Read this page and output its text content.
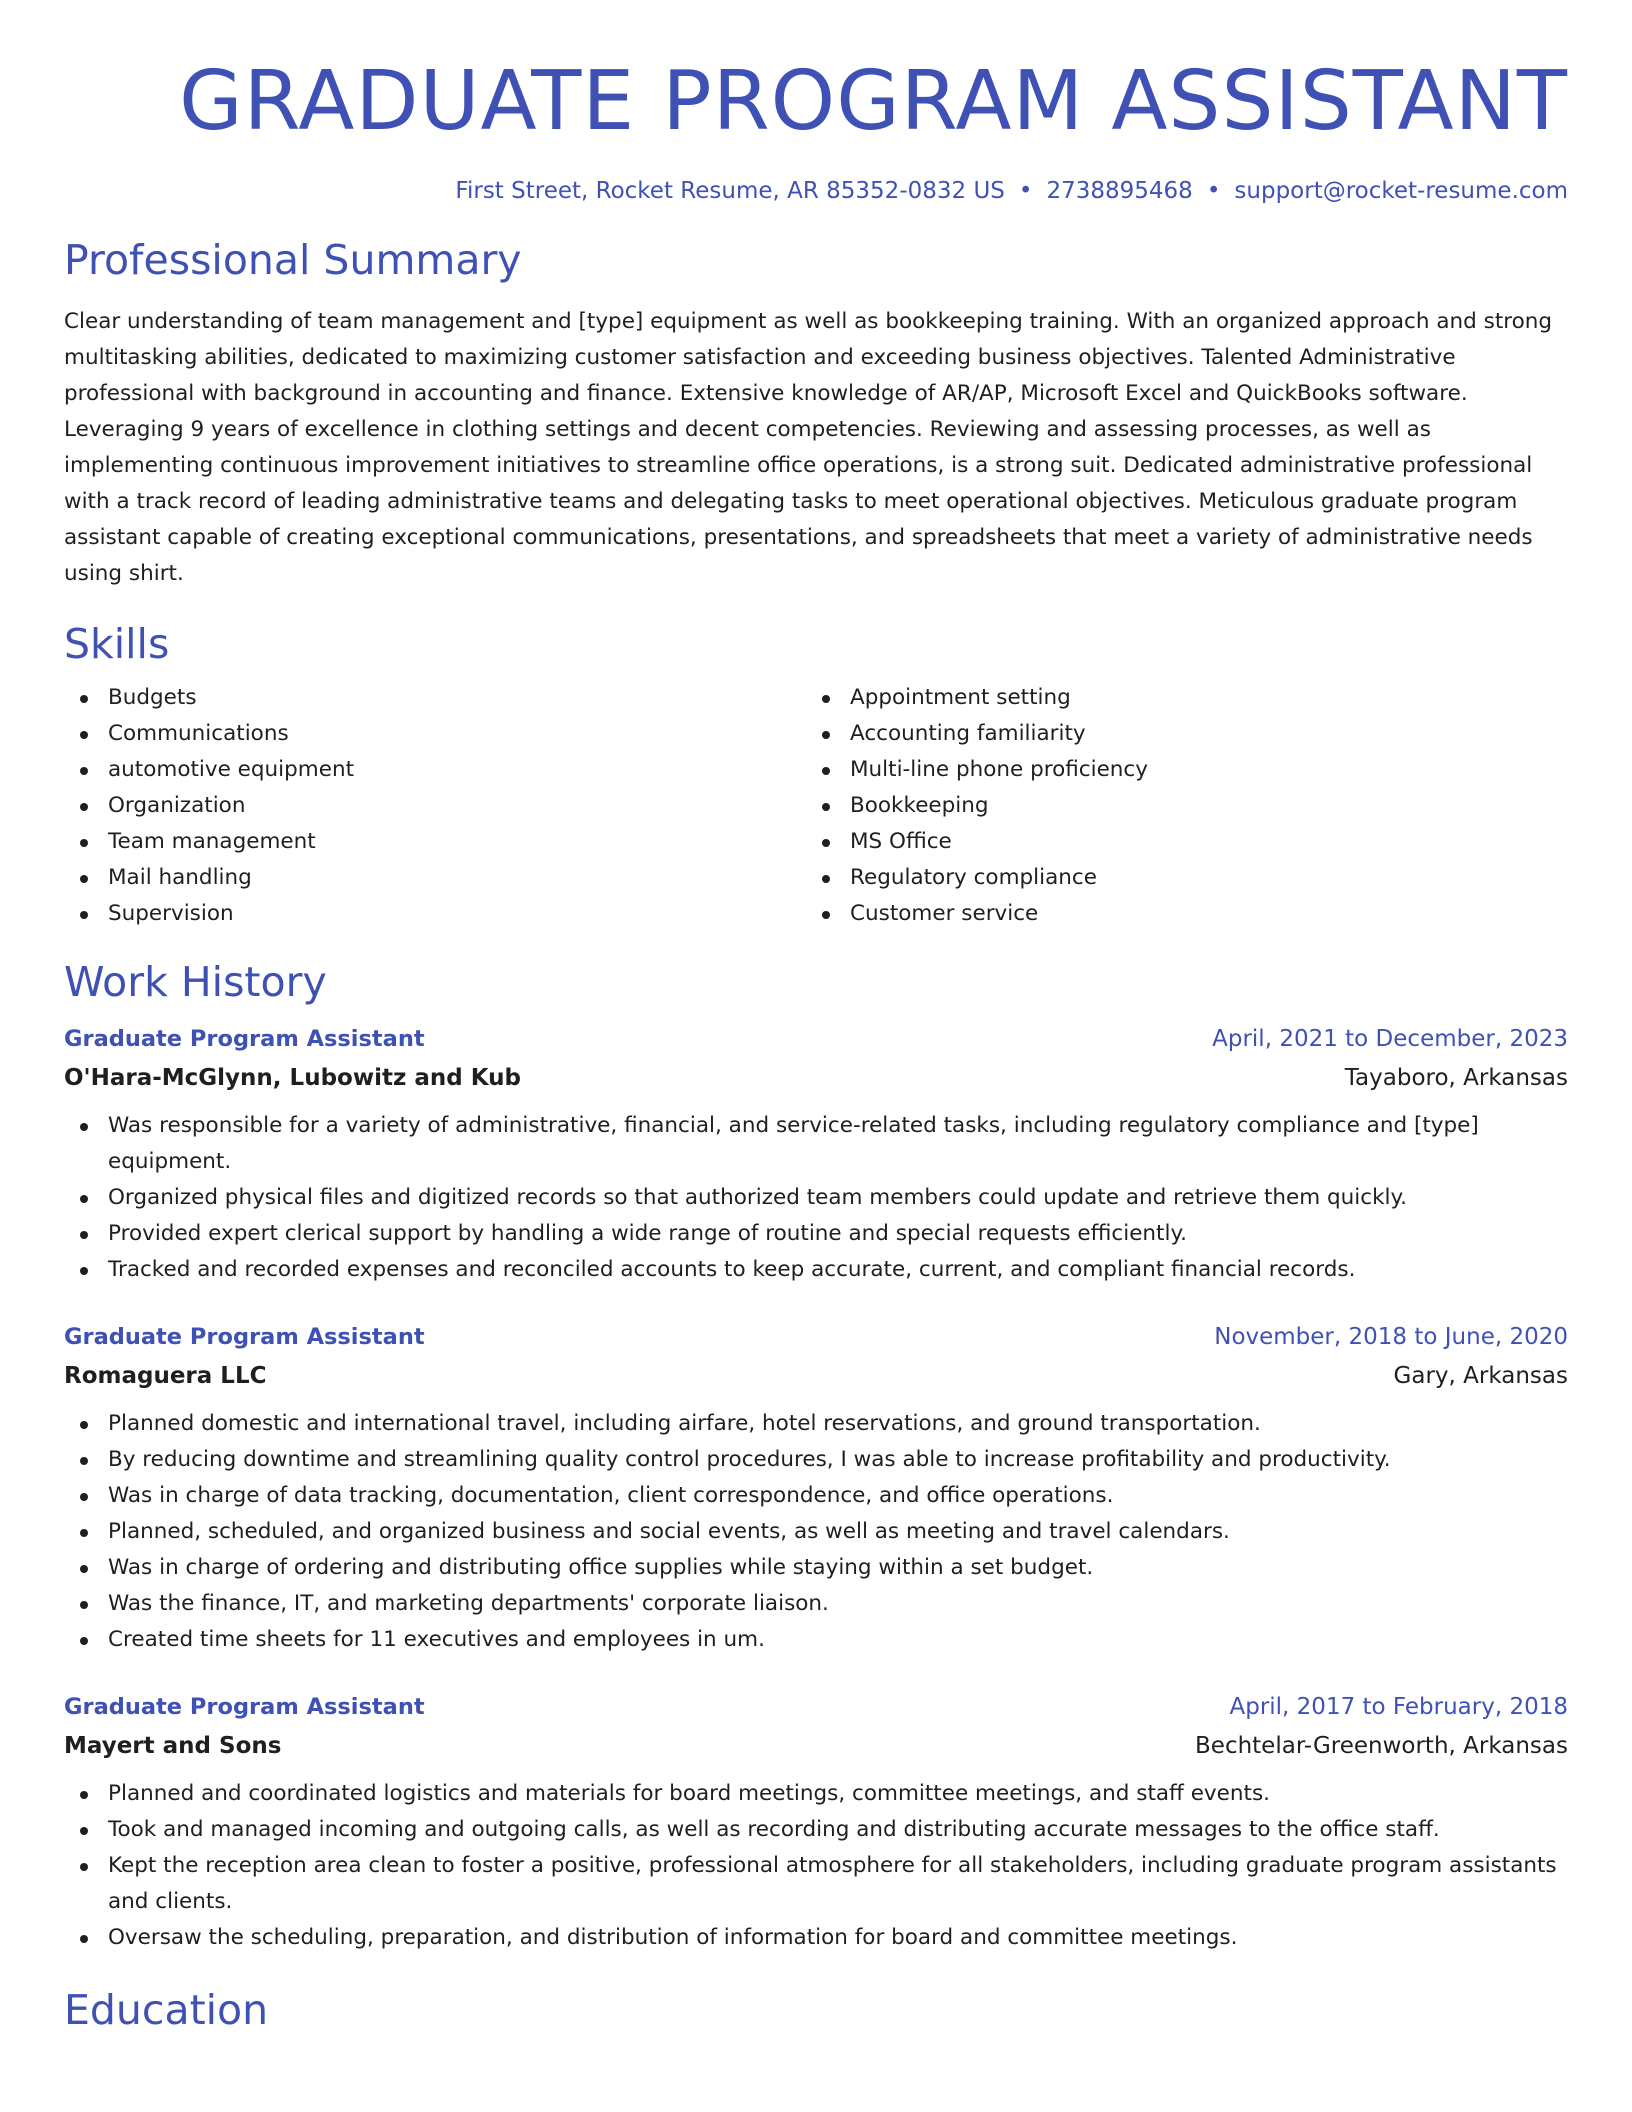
GRADUATE PROGRAM ASSISTANT
First Street, Rocket Resume, AR 85352-0832 US • 2738895468 • support@rocket-resume.com
Professional Summary
Clear understanding of team management and [type] equipment as well as bookkeeping training. With an organized approach and strong multitasking abilities, dedicated to maximizing customer satisfaction and exceeding business objectives. Talented Administrative professional with background in accounting and finance. Extensive knowledge of AR/AP, Microsoft Excel and QuickBooks software. Leveraging 9 years of excellence in clothing settings and decent competencies. Reviewing and assessing processes, as well as implementing continuous improvement initiatives to streamline office operations, is a strong suit. Dedicated administrative professional with a track record of leading administrative teams and delegating tasks to meet operational objectives. Meticulous graduate program assistant capable of creating exceptional communications, presentations, and spreadsheets that meet a variety of administrative needs using shirt.
Skills
Budgets
Communications
automotive equipment
Organization
Team management
Mail handling
Supervision
Appointment setting
Accounting familiarity
Multi-line phone proficiency
Bookkeeping
MS Office
Regulatory compliance
Customer service
Work History
Graduate Program Assistant	April, 2021 to December, 2023
O'Hara-McGlynn, Lubowitz and Kub	Tayaboro, Arkansas
Was responsible for a variety of administrative, financial, and service-related tasks, including regulatory compliance and [type] equipment.
Organized physical files and digitized records so that authorized team members could update and retrieve them quickly.
Provided expert clerical support by handling a wide range of routine and special requests efficiently.
Tracked and recorded expenses and reconciled accounts to keep accurate, current, and compliant financial records.
Graduate Program Assistant	November, 2018 to June, 2020
Romaguera LLC	Gary, Arkansas
Planned domestic and international travel, including airfare, hotel reservations, and ground transportation.
By reducing downtime and streamlining quality control procedures, I was able to increase profitability and productivity.
Was in charge of data tracking, documentation, client correspondence, and office operations.
Planned, scheduled, and organized business and social events, as well as meeting and travel calendars.
Was in charge of ordering and distributing office supplies while staying within a set budget.
Was the finance, IT, and marketing departments' corporate liaison.
Created time sheets for 11 executives and employees in um.
Graduate Program Assistant	April, 2017 to February, 2018
Mayert and Sons	Bechtelar-Greenworth, Arkansas
Planned and coordinated logistics and materials for board meetings, committee meetings, and staff events.
Took and managed incoming and outgoing calls, as well as recording and distributing accurate messages to the office staff.
Kept the reception area clean to foster a positive, professional atmosphere for all stakeholders, including graduate program assistants and clients.
Oversaw the scheduling, preparation, and distribution of information for board and committee meetings.
Education
